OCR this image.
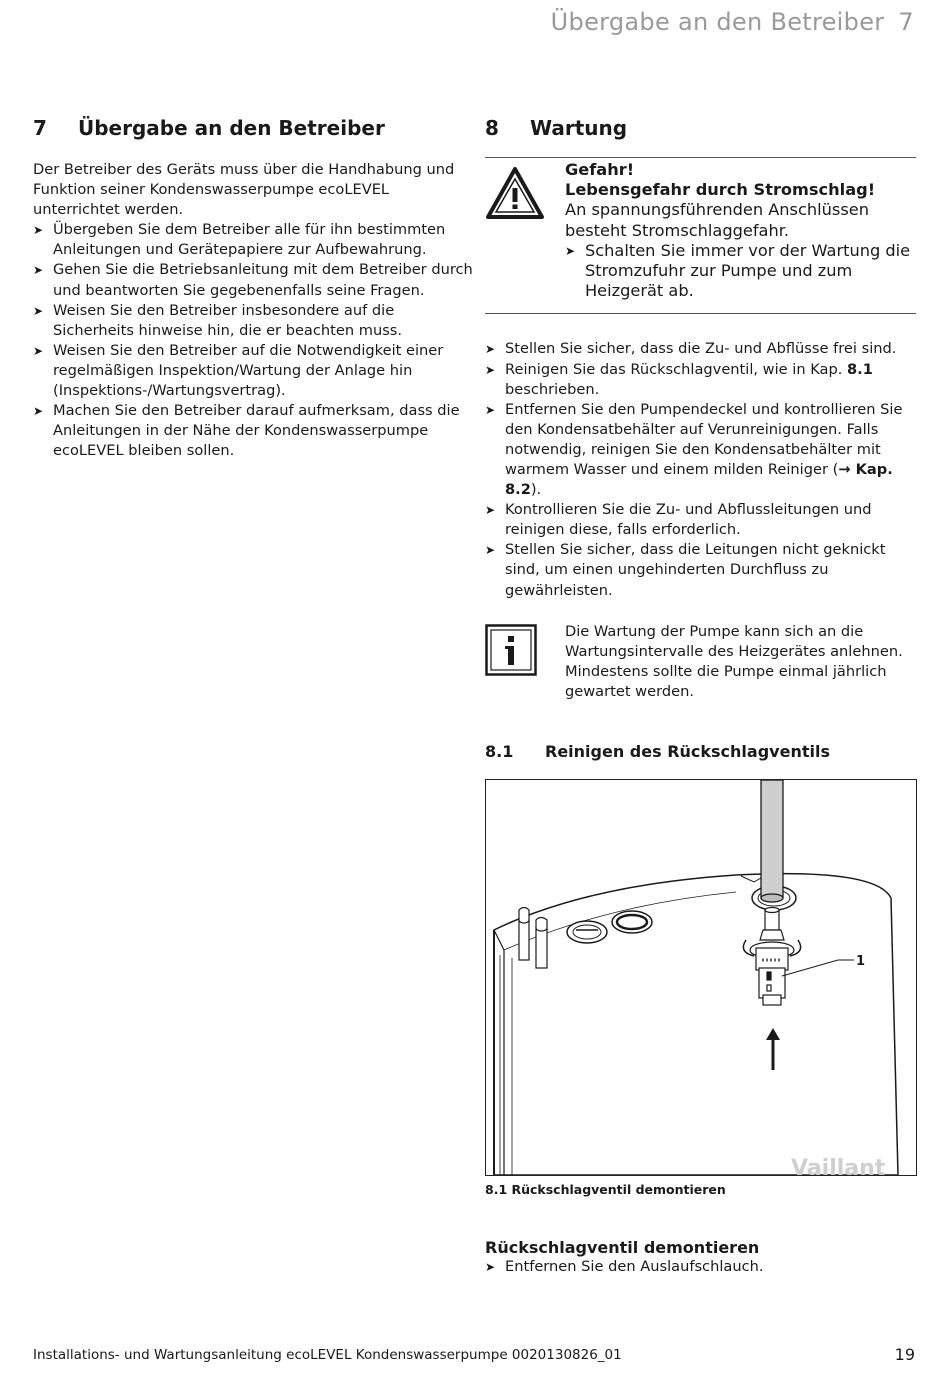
Übergabe an den Betreiber 7
7	Übergabe an den Betreiber

Der Betreiber des Geräts muss über die Handhabung und Funktion seiner Kondenswasserpumpe ecoLEVEL unterrichtet werden.

➤ Übergeben Sie dem Betreiber alle für ihn bestimmten Anleitungen und Gerätepapiere zur Aufbewahrung.
➤ Gehen Sie die Betriebsanleitung mit dem Betreiber durch und beantworten Sie gegebenenfalls seine Fragen.
➤ Weisen Sie den Betreiber insbesondere auf die Sicherheits hinweise hin, die er beachten muss.
➤ Weisen Sie den Betreiber auf die Notwendigkeit einer regelmäßigen Inspektion/Wartung der Anlage hin (Inspektions-/Wartungsvertrag).
➤ Machen Sie den Betreiber darauf aufmerksam, dass die Anleitungen in der Nähe der Kondenswasserpumpe ecoLEVEL bleiben sollen.
8	Wartung
Gefahr!
Lebensgefahr durch Stromschlag!
An spannungsführenden Anschlüssen besteht Stromschlaggefahr.
➤ Schalten Sie immer vor der Wartung die Stromzufuhr zur Pumpe und zum Heizgerät ab.
➤ Stellen Sie sicher, dass die Zu- und Abflüsse frei sind.
➤ Reinigen Sie das Rückschlagventil, wie in Kap. 8.1 beschrieben.
➤ Entfernen Sie den Pumpendeckel und kontrollieren Sie den Kondensatbehälter auf Verunreinigungen. Falls notwendig, reinigen Sie den Kondensatbehälter mit warmem Wasser und einem milden Reiniger (→ Kap. 8.2).
➤ Kontrollieren Sie die Zu- und Abflussleitungen und reinigen diese, falls erforderlich.
➤ Stellen Sie sicher, dass die Leitungen nicht geknickt sind, um einen ungehinderten Durchfluss zu gewährleisten.
Die Wartung der Pumpe kann sich an die Wartungsintervalle des Heizgerätes anlehnen. Mindestens sollte die Pumpe einmal jährlich gewartet werden.
8.1	Reinigen des Rückschlagventils
Vaillant
1
8.1 Rückschlagventil demontieren
Rückschlagventil demontieren
➤ Entfernen Sie den Auslaufschlauch.
Installations- und Wartungsanleitung ecoLEVEL Kondenswasserpumpe 0020130826_01	19
